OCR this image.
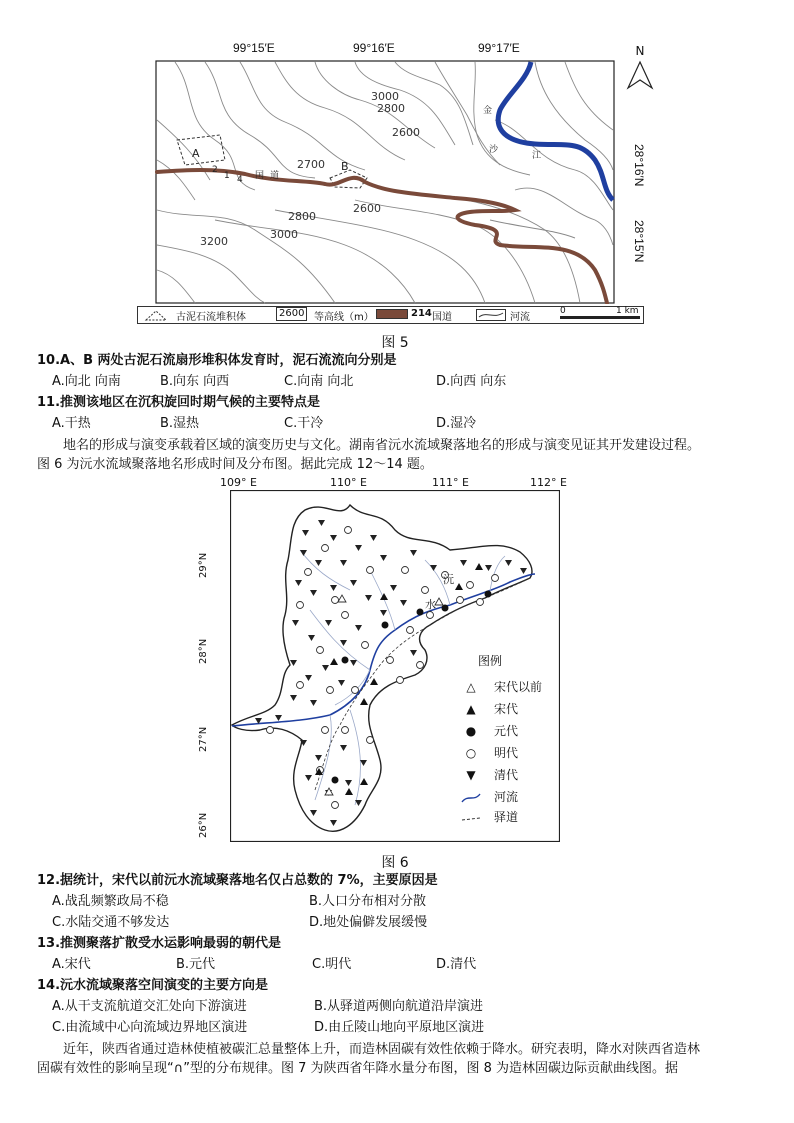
99°15′E	99°16′E	99°17′E
3000
2800
2600
2700
2800
2600
3000
3200
A
B
2
1 4 国 道
金
沙
江
N
28°16′N
28°15′N
古泥石流堆积体	2600 等高线（m）	214 国道	河流
0	1 km
图 5
10.A、B 两处古泥石流扇形堆积体发育时，泥石流流向分别是
A.向北 向南	B.向东 向西	C.向南 向北	D.向西 向东
11.推测该地区在沉积旋回时期气候的主要特点是
A.干热	B.湿热	C.干冷	D.湿冷
地名的形成与演变承载着区域的演变历史与文化。湖南省沅水流域聚落地名的形成与演变见证其开发建设过程。
图 6 为沅水流域聚落地名形成时间及分布图。据此完成 12～14 题。
109° E	110° E	111° E	112° E
29°N
28°N
27°N
26°N
沅
水
图例
△ 宋代以前
▲ 宋代
● 元代
○ 明代
▼ 清代
河流
驿道
图 6
12.据统计，宋代以前沅水流域聚落地名仅占总数的 7%，主要原因是
A.战乱频繁政局不稳	B.人口分布相对分散
C.水陆交通不够发达	D.地处偏僻发展缓慢
13.推测聚落扩散受水运影响最弱的朝代是
A.宋代	B.元代	C.明代	D.清代
14.沅水流域聚落空间演变的主要方向是
A.从干支流航道交汇处向下游演进	B.从驿道两侧向航道沿岸演进
C.由流域中心向流域边界地区演进	D.由丘陵山地向平原地区演进
近年，陕西省通过造林使植被碳汇总量整体上升，而造林固碳有效性依赖于降水。研究表明，降水对陕西省造林
固碳有效性的影响呈现“∩”型的分布规律。图 7 为陕西省年降水量分布图，图 8 为造林固碳边际贡献曲线图。据
